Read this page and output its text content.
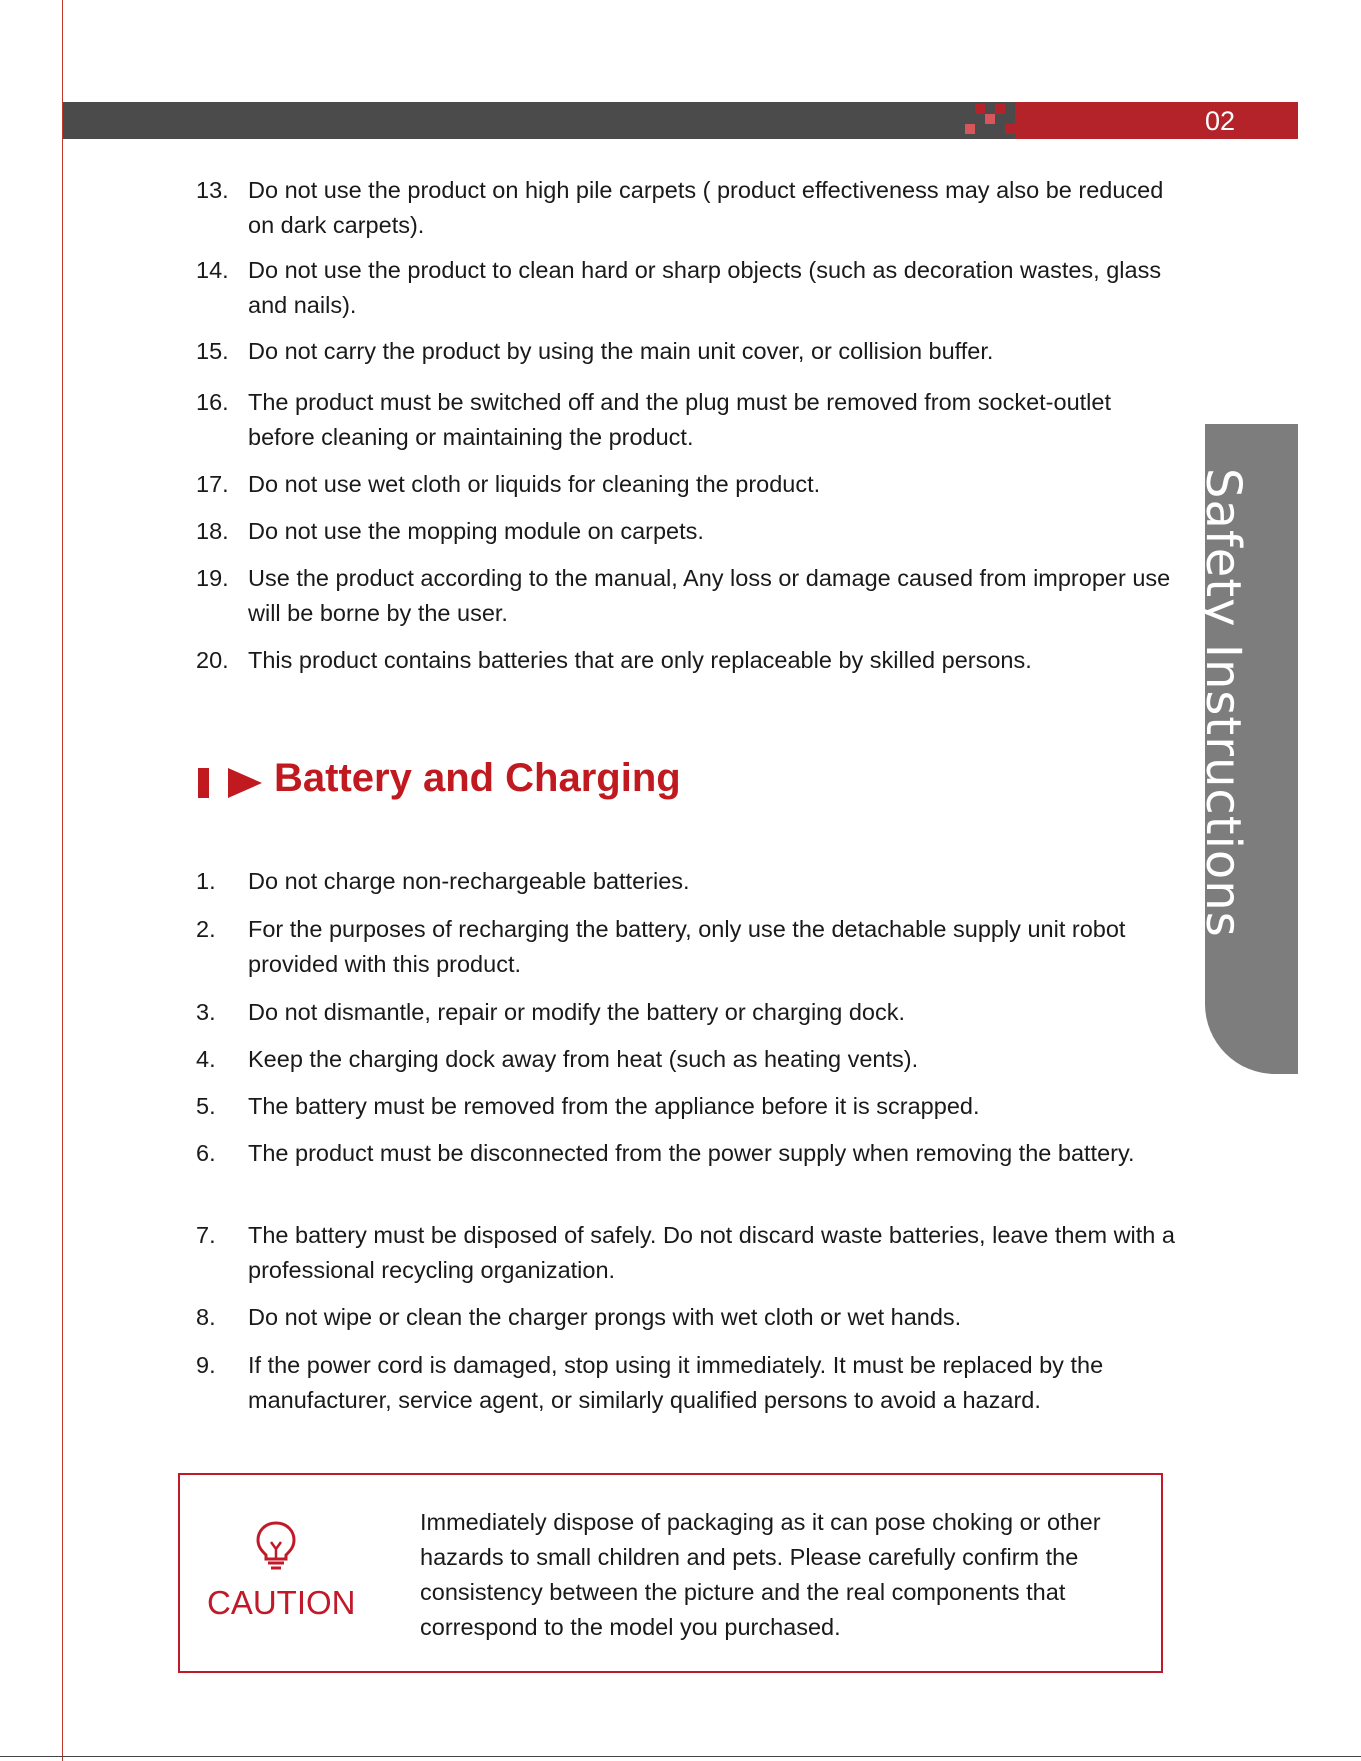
02
Safety Instructions
13. Do not use the product on high pile carpets ( product effectiveness may also be reduced on dark carpets).
14. Do not use the product to clean hard or sharp objects (such as decoration wastes, glass and nails).
15. Do not carry the product by using the main unit cover, or collision buffer.
16. The product must be switched off and the plug must be removed from socket-outlet before cleaning or maintaining the product.
17. Do not use wet cloth or liquids for cleaning the product.
18. Do not use the mopping module on carpets.
19. Use the product according to the manual, Any loss or damage caused from improper use will be borne by the user.
20. This product contains batteries that are only replaceable by skilled persons.
Battery and Charging
1.	Do not charge non-rechargeable batteries.
2.	For the purposes of recharging the battery, only use the detachable supply unit robot provided with this product.
3.	Do not dismantle, repair or modify the battery or charging dock.
4.	Keep the charging dock away from heat (such as heating vents).
5.	The battery must be removed from the appliance before it is scrapped.
6.	The product must be disconnected from the power supply when removing the battery.
7.	The battery must be disposed of safely. Do not discard waste batteries, leave them with a professional recycling organization.
8.	Do not wipe or clean the charger prongs with wet cloth or wet hands.
9.	If the power cord is damaged, stop using it immediately. It must be replaced by the manufacturer, service agent, or similarly qualified persons to avoid a hazard.
CAUTION
Immediately dispose of packaging as it can pose choking or other hazards to small children and pets. Please carefully confirm the consistency between the picture and the real components that correspond to the model you purchased.
